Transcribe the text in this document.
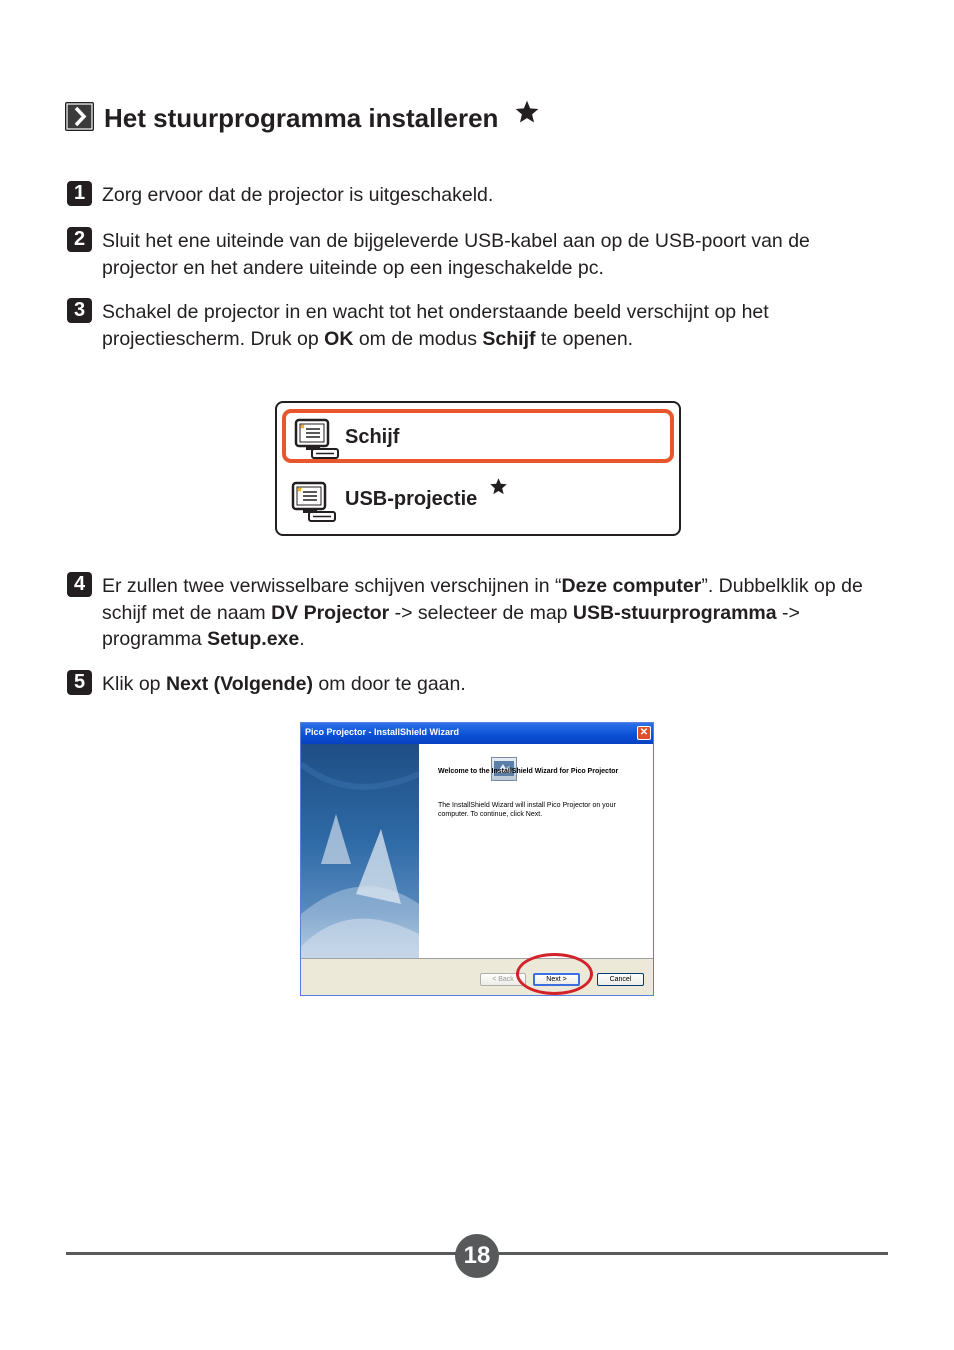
Het stuurprogramma installeren
1 Zorg ervoor dat de projector is uitgeschakeld.
2 Sluit het ene uiteinde van de bijgeleverde USB-kabel aan op de USB-poort van de projector en het andere uiteinde op een ingeschakelde pc.
3 Schakel de projector in en wacht tot het onderstaande beeld verschijnt op het projectiescherm. Druk op OK om de modus Schijf te openen.
Schijf
USB-projectie
4 Er zullen twee verwisselbare schijven verschijnen in “Deze computer”. Dubbelklik op de schijf met de naam DV Projector -> selecteer de map USB-stuurprogramma -> programma Setup.exe.
5 Klik op Next (Volgende) om door te gaan.
Pico Projector - InstallShield Wizard	✕
Welcome to the InstallShield Wizard for Pico Projector
The InstallShield Wizard will install Pico Projector on your computer. To continue, click Next.
< Back	Next >	Cancel
18
